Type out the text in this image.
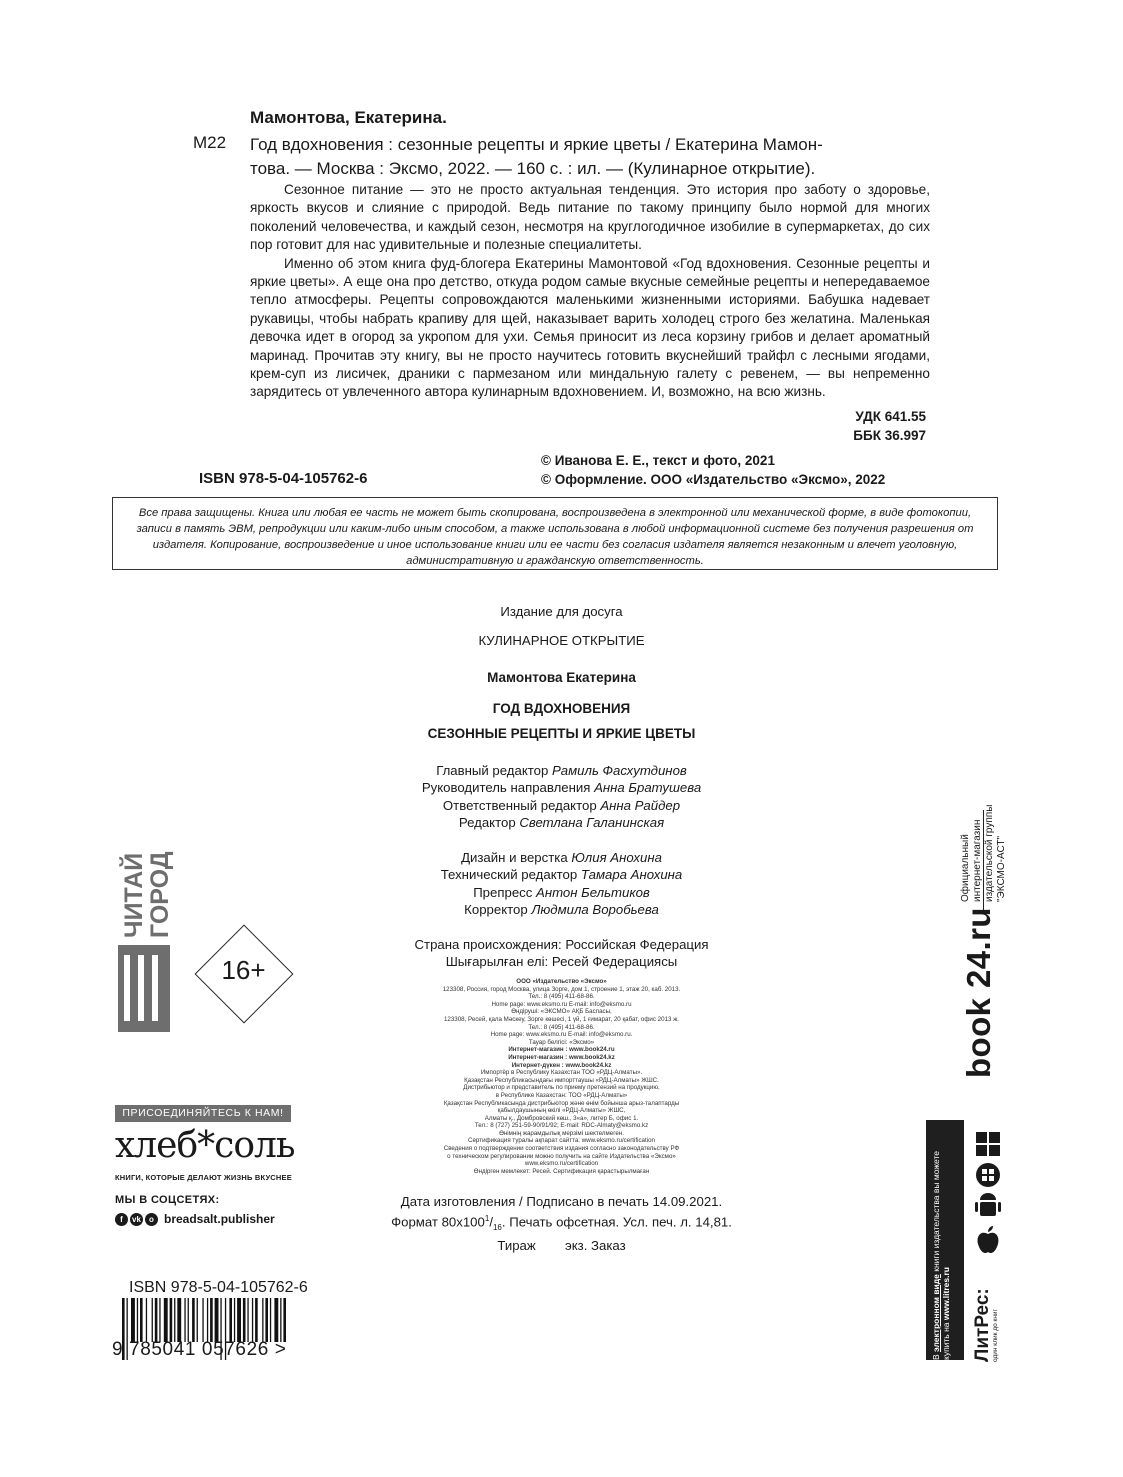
Мамонтова, Екатерина.
М22 Год вдохновения : сезонные рецепты и яркие цветы / Екатерина Мамон-
това. — Москва : Эксмо, 2022. — 160 с. : ил. — (Кулинарное открытие).

Сезонное питание — это не просто актуальная тенденция. Это история про заботу о здоровье, яркость вкусов и слияние с природой. Ведь питание по такому принципу было нормой для многих поколений человечества, и каждый сезон, несмотря на круглогодичное изобилие в супермаркетах, до сих пор готовит для нас удивительные и полезные специалитеты.

Именно об этом книга фуд-блогера Екатерины Мамонтовой «Год вдохновения. Сезонные рецепты и яркие цветы». А еще она про детство, откуда родом самые вкусные семейные рецепты и непередаваемое тепло атмосферы. Рецепты сопровождаются маленькими жизненными историями. Бабушка надевает рукавицы, чтобы набрать крапиву для щей, наказывает варить холодец строго без желатина. Маленькая девочка идет в огород за укропом для ухи. Семья приносит из леса корзину грибов и делает ароматный маринад. Прочитав эту книгу, вы не просто научитесь готовить вкуснейший трайфл с лесными ягодами, крем-суп из лисичек, драники с пармезаном или миндальную галету с ревенем, — вы непременно зарядитесь от увлеченного автора кулинарным вдохновением. И, возможно, на всю жизнь.

УДК 641.55
ББК 36.997
ISBN 978-5-04-105762-6
© Иванова Е. Е., текст и фото, 2021
© Оформление. ООО «Издательство «Эксмо», 2022
Все права защищены. Книга или любая ее часть не может быть скопирована, воспроизведена в электронной или механической форме, в виде фотокопии, записи в память ЭВМ, репродукции или каким-либо иным способом, а также использована в любой информационной системе без получения разрешения от издателя. Копирование, воспроизведение и иное использование книги или ее части без согласия издателя является незаконным и влечет уголовную, административную и гражданскую ответственность.
Издание для досуга
КУЛИНАРНОЕ ОТКРЫТИЕ
Мамонтова Екатерина
ГОД ВДОХНОВЕНИЯ
СЕЗОННЫЕ РЕЦЕПТЫ И ЯРКИЕ ЦВЕТЫ
Главный редактор Рамиль Фасхутдинов
Руководитель направления Анна Братушева
Ответственный редактор Анна Райдер
Редактор Светлана Галанинская
Дизайн и верстка Юлия Анохина
Технический редактор Тамара Анохина
Препресс Антон Бельтиков
Корректор Людмила Воробьева
Страна происхождения: Российская Федерация
Шығарылған елі: Ресей Федерациясы
ООО «Издательство «Эксмо»
123308, Россия, город Москва, улица Зорге, дом 1, строение 1, этаж 20, каб. 2013.
Тел.: 8 (495) 411-68-86.
Home page: www.eksmo.ru E-mail: info@eksmo.ru
Өндіруші: «ЭКСМО» АҚБ Баспасы,
123308, Ресей, қала Мәскеу, Зорге көшесі, 1 үй, 1 ғимарат, 20 қабат, офис 2013 ж.
Тел.: 8 (495) 411-68-86.
Home page: www.eksmo.ru E-mail: info@eksmo.ru.
Тауар белгісі: «Эксмо»
Интернет-магазин : www.book24.ru
Интернет-магазин : www.book24.kz
Интернет-дүкен : www.book24.kz
Импортёр в Республику Казахстан ТОО «РДЦ-Алматы».
Қазақстан Республикасындағы импорттаушы «РДЦ-Алматы» ЖШС.
Дистрибьютор и представитель по приему претензий на продукцию,
в Республике Казахстан: ТОО «РДЦ-Алматы»
Қазақстан Республикасында дистрибьютор және өнім бойынша арыз-талаптарды
қабылдаушының өкілі «РДЦ-Алматы» ЖШС,
Алматы қ., Домбровский көш., 3«а», литер Б, офис 1.
Тел.: 8 (727) 251-59-90/91/92; E-mail: RDC-Almaty@eksmo.kz
Өнімнің жарамдылық мерзімі шектелмеген.
Сертификация туралы ақпарат сайтта: www.eksmo.ru/certification
Сведения о подтверждении соответствия издания согласно законодательству РФ
о техническом регулировании можно получить на сайте Издательства «Эксмо»
www.eksmo.ru/certification
Өндірген мемлекет: Ресей. Сертификация қарастырылмаған
Дата изготовления / Подписано в печать 14.09.2021.
Формат $80x100^1/_{16}$. Печать офсетная. Усл. печ. л. 14,81.
Тираж        экз. Заказ
ЧИТАЙ
ГОРОД
16+
ПРИСОЕДИНЯЙТЕСЬ К НАМ!
хлеб*соль
КНИГИ, КОТОРЫЕ ДЕЛАЮТ ЖИЗНЬ ВКУСНЕЕ
МЫ В СОЦСЕТЯХ:
f	vk	o breadsalt.publisher
ISBN 978-5-04-105762-6
9 785041 057626 >
Официальный интернет-магазин издательской группы "ЭКСМО-АСТ"
book 24.ru
В электронном виде книги издательства вы можете
купить на www.litres.ru ЛитРес: один клик до книг
